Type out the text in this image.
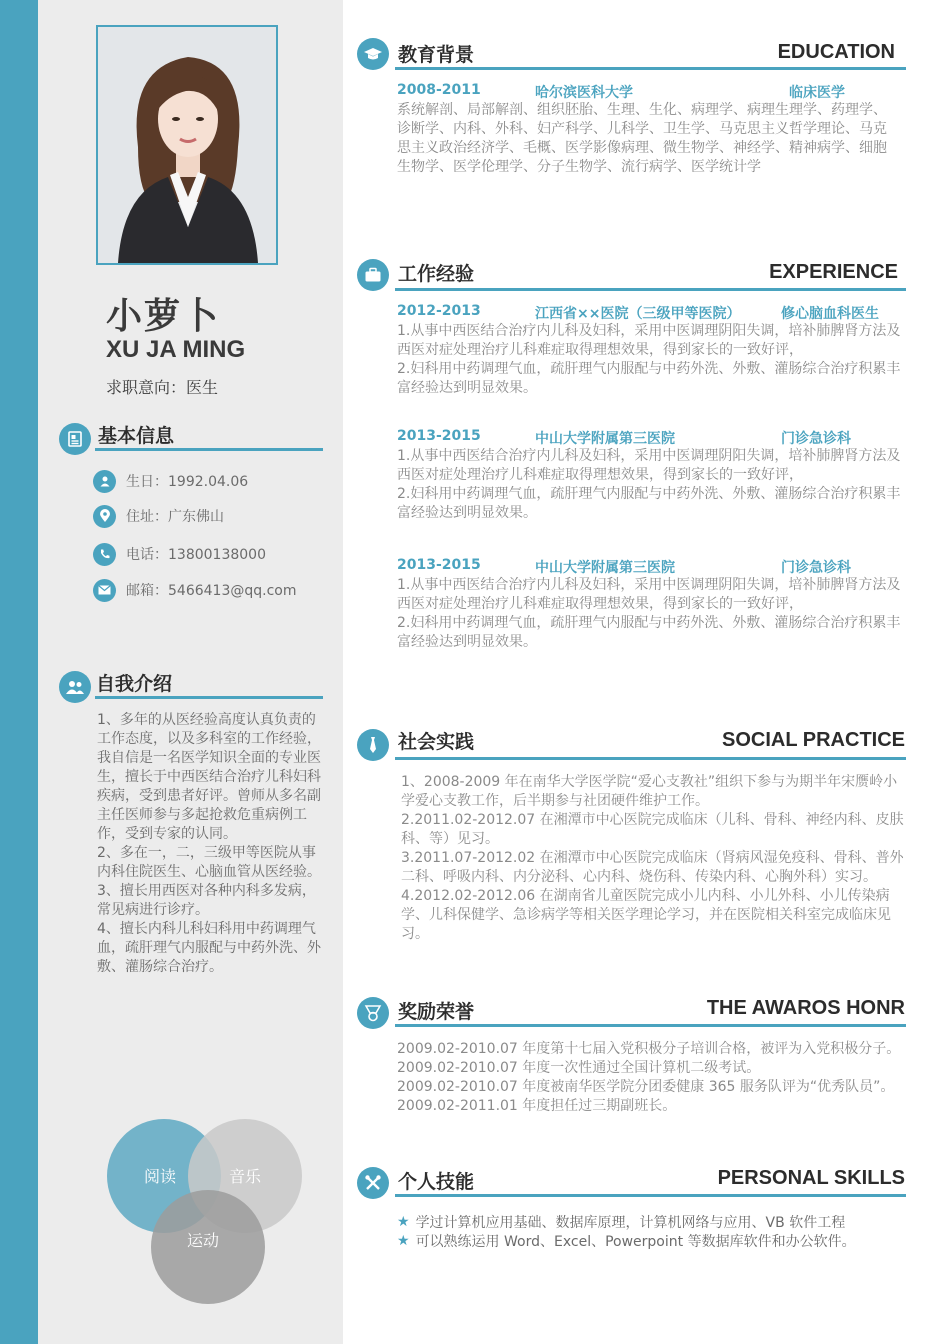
小萝卜
XU JA MING
求职意向：医生
基本信息
生日：1992.04.06
住址：广东佛山
电话：13800138000
邮箱：5466413@qq.com
自我介绍

1、多年的从医经验高度认真负责的工作态度，以及多科室的工作经验，我自信是一名医学知识全面的专业医生，擅长于中西医结合治疗儿科妇科疾病，受到患者好评。曾师从多名副主任医师参与多起抢救危重病例工作，受到专家的认同。

2、多在一，二，三级甲等医院从事内科住院医生、心脑血管从医经验。

3、擅长用西医对各种内科多发病，常见病进行诊疗。

4、擅长内科儿科妇科用中药调理气血，疏肝理气内服配与中药外洗、外敷、灌肠综合治疗。

阅读	音乐
运动
教育背景	EDUCATION
2008-2011	哈尔滨医科大学	临床医学
系统解剖、局部解剖、组织胚胎、生理、生化、病理学、病理生理学、药理学、诊断学、内科、外科、妇产科学、儿科学、卫生学、马克思主义哲学理论、马克思主义政治经济学、毛概、医学影像病理、微生物学、神经学、精神病学、细胞生物学、医学伦理学、分子生物学、流行病学、医学统计学
工作经验	EXPERIENCE
2012-2013	江西省××医院（三级甲等医院）	修心脑血科医生

1.从事中西医结合治疗内儿科及妇科，采用中医调理阴阳失调，培补肺脾肾方法及西医对症处理治疗儿科难症取得理想效果，得到家长的一致好评，

2.妇科用中药调理气血，疏肝理气内服配与中药外洗、外敷、灌肠综合治疗积累丰富经验达到明显效果。

2013-2015	中山大学附属第三医院	门诊急诊科

1.从事中西医结合治疗内儿科及妇科，采用中医调理阴阳失调，培补肺脾肾方法及西医对症处理治疗儿科难症取得理想效果，得到家长的一致好评，

2.妇科用中药调理气血，疏肝理气内服配与中药外洗、外敷、灌肠综合治疗积累丰富经验达到明显效果。

2013-2015	中山大学附属第三医院	门诊急诊科

1.从事中西医结合治疗内儿科及妇科，采用中医调理阴阳失调，培补肺脾肾方法及西医对症处理治疗儿科难症取得理想效果，得到家长的一致好评，

2.妇科用中药调理气血，疏肝理气内服配与中药外洗、外敷、灌肠综合治疗积累丰富经验达到明显效果。

社会实践	SOCIAL PRACTICE

1、2008-2009 年在南华大学医学院“爱心支教社”组织下参与为期半年宋赝岭小学爱心支教工作，后半期参与社团硬件维护工作。

2.2011.02-2012.07 在湘潭市中心医院完成临床（儿科、骨科、神经内科、皮肤科、等）见习。

3.2011.07-2012.02 在湘潭市中心医院完成临床（肾病风湿免疫科、骨科、普外二科、呼吸内科、内分泌科、心内科、烧伤科、传染内科、心胸外科）实习。

4.2012.02-2012.06 在湖南省儿童医院完成小儿内科、小儿外科、小儿传染病学、儿科保健学、急诊病学等相关医学理论学习，并在医院相关科室完成临床见习。

奖励荣誉	THE AWAROS HONR

2009.02-2010.07 年度第十七届入党积极分子培训合格，被评为入党积极分子。

2009.02-2010.07 年度一次性通过全国计算机二级考试。

2009.02-2010.07 年度被南华医学院分团委健康 365 服务队评为“优秀队员”。

2009.02-2011.01 年度担任过三期副班长。

个人技能	PERSONAL SKILLS
★ 学过计算机应用基础、数据库原理，计算机网络与应用、VB 软件工程
★ 可以熟练运用 Word、Excel、Powerpoint 等数据库软件和办公软件。
